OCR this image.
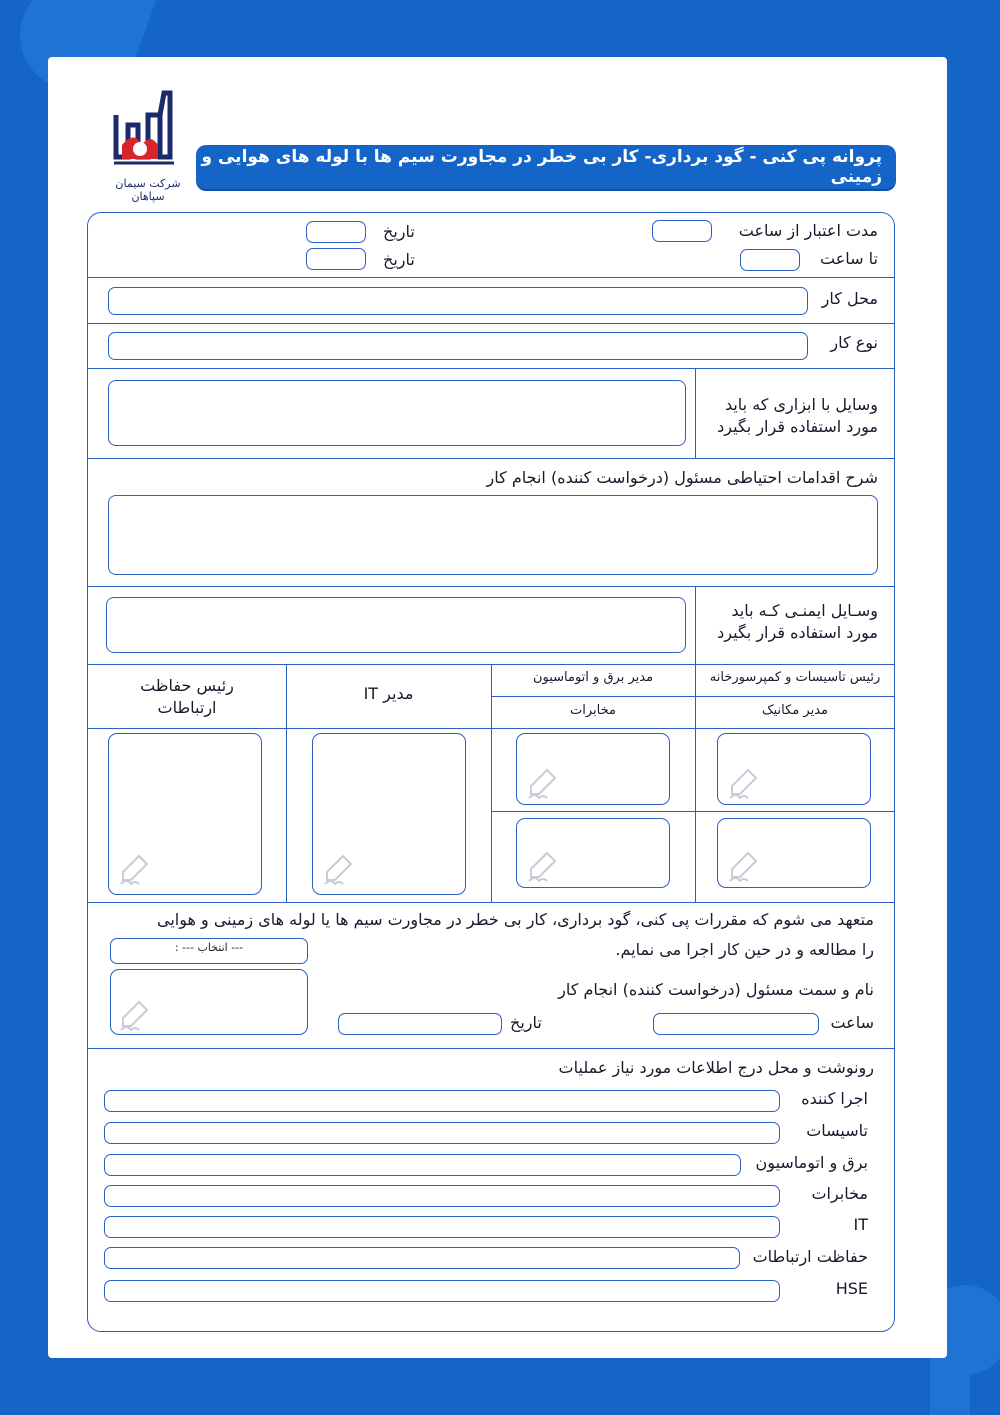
شرکت سیمان سپاهان
پروانه پی کنی - گود برداری- کار بی خطر در مجاورت سیم ها با لوله های هوایی و زمینی
مدت اعتبار از ساعت
تا ساعت
تاریخ
تاریخ
محل کار
نوع کار
وسایل با ابزاری که باید
مورد استفاده قرار بگیرد
شرح اقدامات احتیاطی مسئول (درخواست کننده) انجام کار
وسـایل ایمنـی کـه باید
مورد استفاده قرار بگیرد
رئیس تاسیسات و کمپرسورخانه
مدیر مکانیک
مدیر برق و اتوماسیون
مخابرات
مدیر IT
رئیس حفاظت
ارتباطات
متعهد می شوم که مقررات پی کنی، گود برداری، کار بی خطر در مجاورت سیم ها یا لوله های زمینی و هوایی
را مطالعه و در حین کار اجرا می نمایم.
نام و سمت مسئول (درخواست کننده) انجام کار
ساعت
تاریخ
--- انتخاب --- :
رونوشت و محل درج اطلاعات مورد نیاز عملیات
اجرا کننده
تاسیسات
برق و اتوماسیون
مخابرات
IT
حفاظت ارتباطات
HSE
